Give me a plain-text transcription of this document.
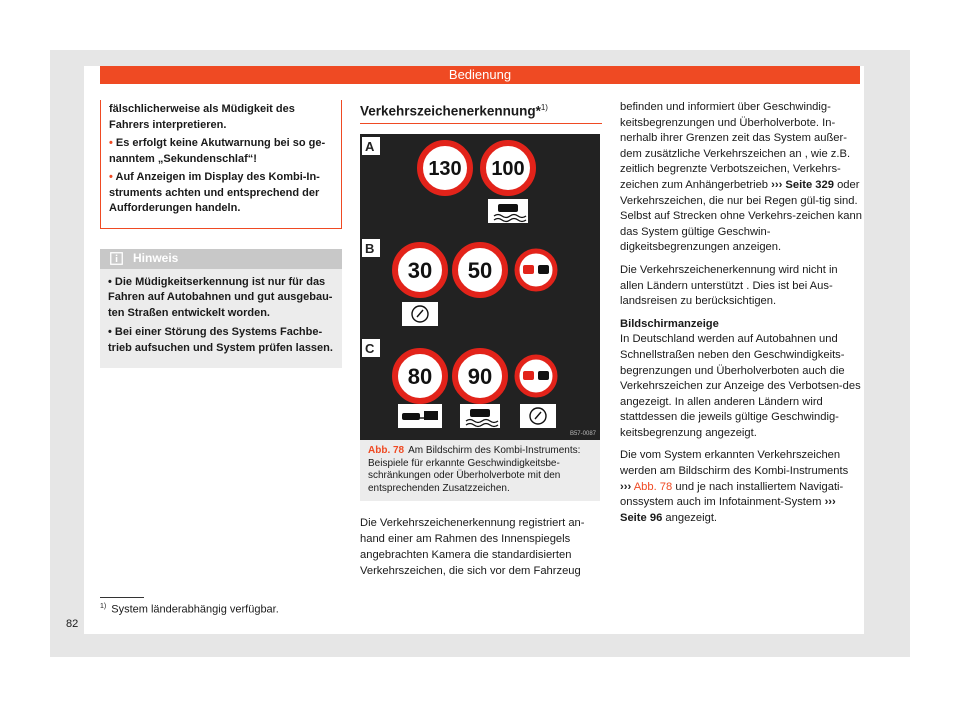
Bedienung

fälschlicherweise als Müdigkeit des Fahrers interpretieren.

• Es erfolgt keine Akutwarnung bei so ge-nanntem „Sekundenschlaf“!

• Auf Anzeigen im Display des Kombi-In-struments achten und entsprechend der Aufforderungen handeln.

Hinweis

• Die Müdigkeitserkennung ist nur für das Fahren auf Autobahnen und gut ausgebau-ten Straßen entwickelt worden.

• Bei einer Störung des Systems Fachbe-trieb aufsuchen und System prüfen lassen.

Verkehrszeichenerkennung*$^{1)}$
A
130 100
B
30 50
C
80 90
B57-0087
Abb. 78 Am Bildschirm des Kombi-Instruments: Beispiele für erkannte Geschwindigkeitsbe-schränkungen oder Überholverbote mit den entsprechenden Zusatzzeichen.
Die Verkehrszeichenerkennung registriert an-hand einer am Rahmen des Innenspiegels angebrachten Kamera die standardisierten Verkehrszeichen, die sich vor dem Fahrzeug

befinden und informiert über Geschwindig-keitsbegrenzungen und Überholverbote. In-nerhalb ihrer Grenzen zeit das System außer-dem zusätzliche Verkehrszeichen an , wie z.B. zeitlich begrenzte Verbotszeichen, Verkehrs-zeichen zum Anhängerbetrieb ››› Seite 329 oder Verkehrszeichen, die nur bei Regen gül-tig sind. Selbst auf Strecken ohne Verkehrs-zeichen kann das System gültige Geschwin-digkeitsbegrenzungen anzeigen.

Die Verkehrszeichenerkennung wird nicht in allen Ländern unterstützt . Dies ist bei Aus-landsreisen zu berücksichtigen.

Bildschirmanzeige

In Deutschland werden auf Autobahnen und Schnellstraßen neben den Geschwindigkeits-begrenzungen und Überholverboten auch die Verkehrszeichen zur Anzeige des Verbotsen-des angezeigt. In allen anderen Ländern wird stattdessen die jeweils gültige Geschwindig-keitsbegrenzung angezeigt.

Die vom System erkannten Verkehrszeichen werden am Bildschirm des Kombi-Instruments ››› Abb. 78 und je nach installiertem Navigati-onssystem auch im Infotainment-System ››› Seite 96 angezeigt.

$^{1)}$ System länderabhängig verfügbar.
82
